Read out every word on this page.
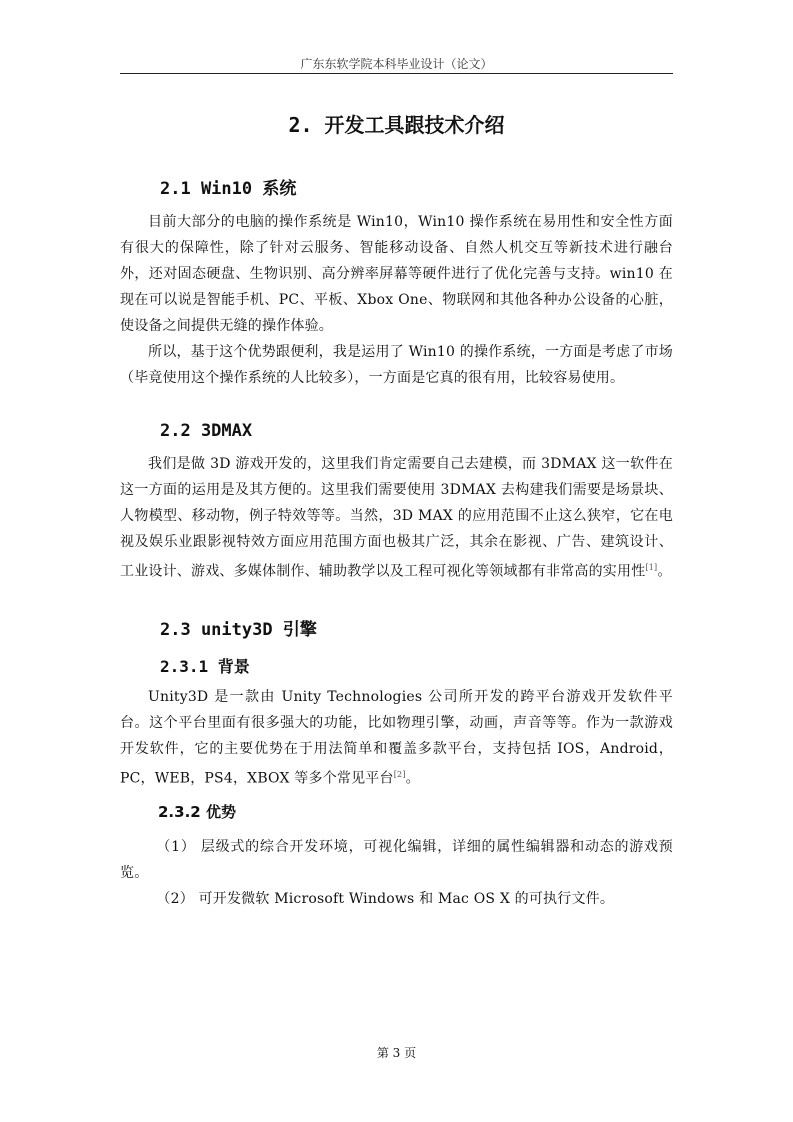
广东东软学院本科毕业设计（论文）
2. 开发工具跟技术介绍
2.1 Win10 系统

目前大部分的电脑的操作系统是 Win10，Win10 操作系统在易用性和安全性方面有很大的保障性，除了针对云服务、智能移动设备、自然人机交互等新技术进行融台外，还对固态硬盘、生物识别、高分辨率屏幕等硬件进行了优化完善与支持。win10 在现在可以说是智能手机、PC、平板、Xbox One、物联网和其他各种办公设备的心脏，使设备之间提供无缝的操作体验。

所以，基于这个优势跟便利，我是运用了 Win10 的操作系统，一方面是考虑了市场（毕竟使用这个操作系统的人比较多），一方面是它真的很有用，比较容易使用。

2.2 3DMAX

我们是做 3D 游戏开发的，这里我们肯定需要自己去建模，而 3DMAX 这一软件在这一方面的运用是及其方便的。这里我们需要使用 3DMAX 去构建我们需要是场景块、人物模型、移动物，例子特效等等。当然，3D MAX 的应用范围不止这么狭窄，它在电视及娱乐业跟影视特效方面应用范围方面也极其广泛，其余在影视、广告、建筑设计、工业设计、游戏、多媒体制作、辅助教学以及工程可视化等领域都有非常高的实用性[1]。

2.3 unity3D 引擎
2.3.1 背景

Unity3D 是一款由 Unity Technologies 公司所开发的跨平台游戏开发软件平台。这个平台里面有很多强大的功能，比如物理引擎，动画，声音等等。作为一款游戏开发软件，它的主要优势在于用法简单和覆盖多款平台，支持包括 IOS，Android，PC，WEB，PS4，XBOX 等多个常见平台[2]。

2.3.2 优势

（1） 层级式的综合开发环境，可视化编辑，详细的属性编辑器和动态的游戏预览。

（2） 可开发微软 Microsoft Windows 和 Mac OS X 的可执行文件。

第 3 页
